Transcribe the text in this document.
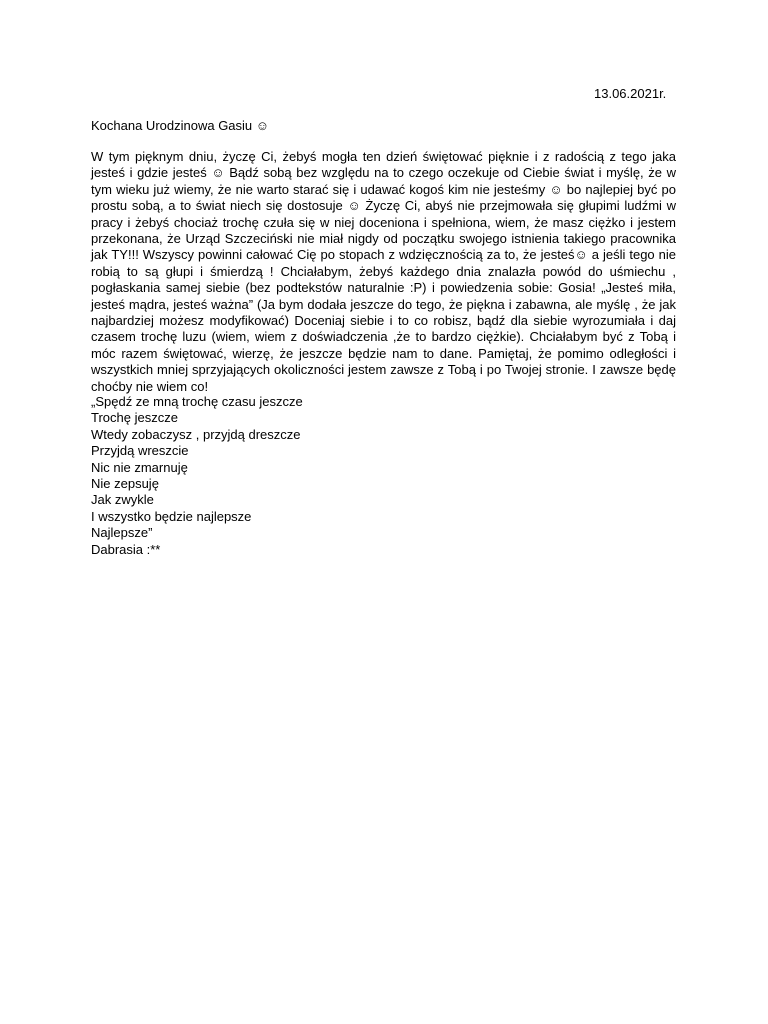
13.06.2021r.
Kochana Urodzinowa Gasiu ☺

W tym pięknym dniu, życzę Ci, żebyś mogła ten dzień świętować pięknie i z radością z tego jaka jesteś i gdzie jesteś ☺ Bądź sobą bez względu na to czego oczekuje od Ciebie świat i myślę, że w tym wieku już wiemy, że nie warto starać się i udawać kogoś kim nie jesteśmy ☺ bo najlepiej być po prostu sobą, a to świat niech się dostosuje ☺ Życzę Ci, abyś nie przejmowała się głupimi ludźmi w pracy i żebyś chociaż trochę czuła się w niej doceniona i spełniona, wiem, że masz ciężko i jestem przekonana, że Urząd Szczeciński nie miał nigdy od początku swojego istnienia takiego pracownika jak TY!!! Wszyscy powinni całować Cię po stopach z wdzięcznością za to, że jesteś☺ a jeśli tego nie robią to są głupi i śmierdzą ! Chciałabym, żebyś każdego dnia znalazła powód do uśmiechu , pogłaskania samej siebie (bez podtekstów naturalnie :P) i powiedzenia sobie: Gosia! „Jesteś miła, jesteś mądra, jesteś ważna” (Ja bym dodała jeszcze do tego, że piękna i zabawna, ale myślę , że jak najbardziej możesz modyfikować) Doceniaj siebie i to co robisz, bądź dla siebie wyrozumiała i daj czasem trochę luzu (wiem, wiem z doświadczenia ,że to bardzo ciężkie). Chciałabym być z Tobą i móc razem świętować, wierzę, że jeszcze będzie nam to dane. Pamiętaj, że pomimo odległości i wszystkich mniej sprzyjających okoliczności jestem zawsze z Tobą i po Twojej stronie. I zawsze będę choćby nie wiem co!

„Spędź ze mną trochę czasu jeszcze
Trochę jeszcze
Wtedy zobaczysz , przyjdą dreszcze
Przyjdą wreszcie
Nic nie zmarnuję
Nie zepsuję
Jak zwykle
I wszystko będzie najlepsze
Najlepsze”
Dabrasia :**
